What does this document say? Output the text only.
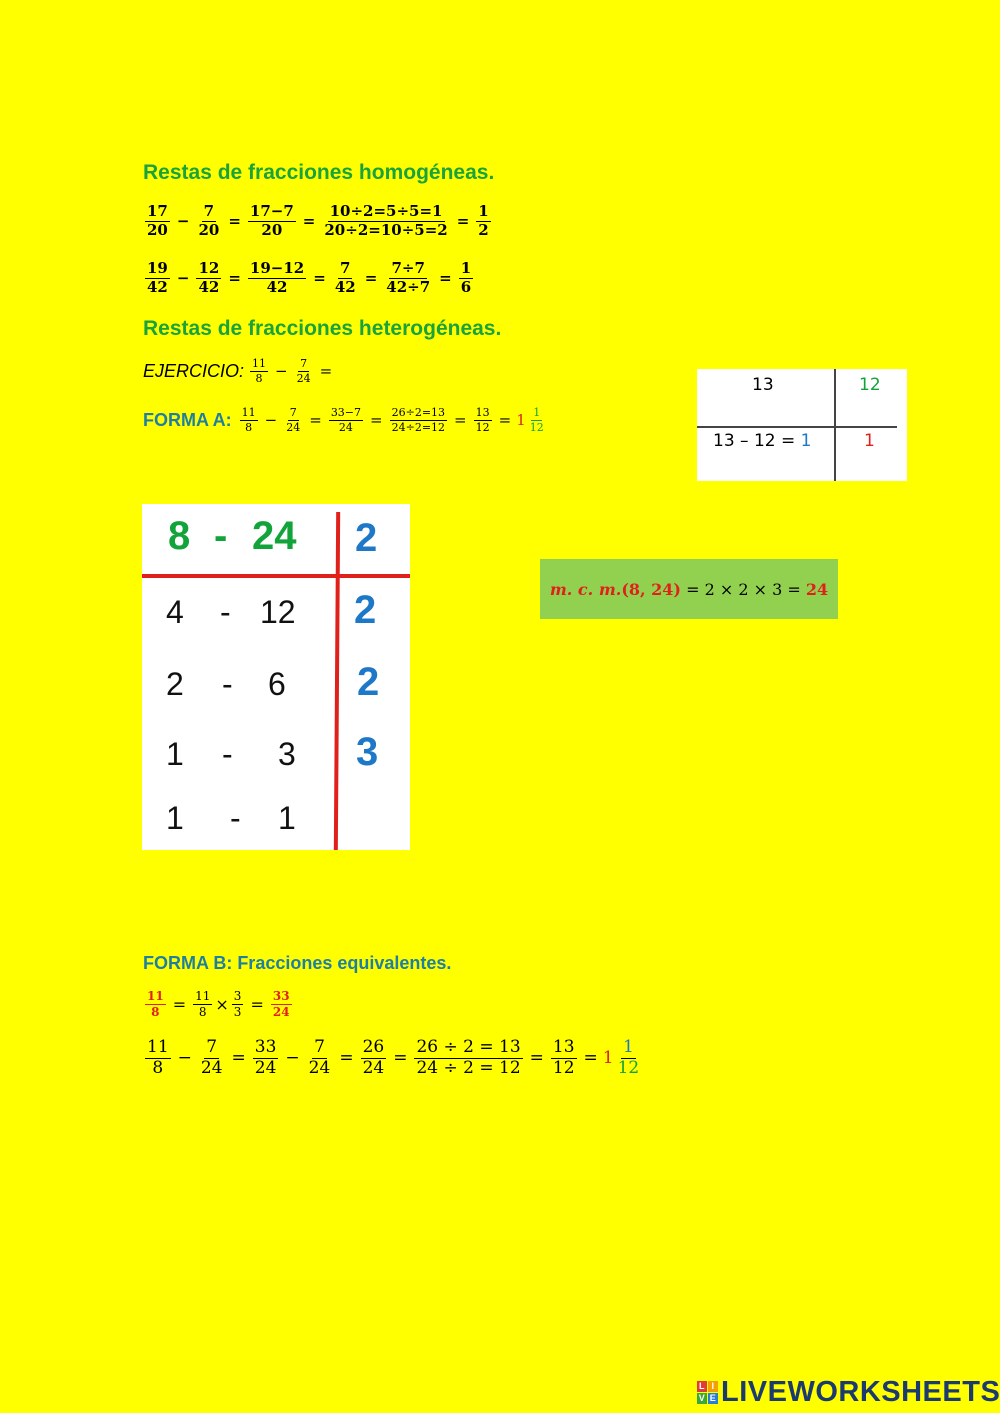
Restas de fracciones homogéneas.
$\frac{17}{20} - \frac{7}{20} = \frac{17-7}{20} = \frac{10\div 2=5\div 5=1}{20\div 2=10\div 5=2} = \frac{1}{2}$
$\frac{19}{42} - \frac{12}{42} = \frac{19-12}{42} = \frac{7}{42} = \frac{7\div 7}{42\div 7} = \frac{1}{6}$
Restas de fracciones heterogéneas.
EJERCICIO: $\frac{11}{8} - \frac{7}{24}$ =
FORMA A: $\frac{11}{8} - \frac{7}{24} = \frac{33-7}{24} = \frac{26\div 2=13}{24\div 2=12} = \frac{13}{12} = 1 \frac{1}{12}$
13	12
13 – 12 = 1	1
8 - 24 2
4 - 12 2
2 - 6 2
1 - 3 3
1 - 1
m. c. m. (8, 24) = 2 × 2 × 3 = 24
FORMA B: Fracciones equivalentes.
$\frac{11}{8} = \frac{11}{8} \times \frac{3}{3} = \frac{33}{24}$
$\frac{11}{8} - \frac{7}{24} = \frac{33}{24} - \frac{7}{24} = \frac{26}{24} = \frac{26 \div 2 = 13}{24 \div 2 = 12} = \frac{13}{12} = 1 \frac{1}{12}$
L I
V E LIVEWORKSHEETS
